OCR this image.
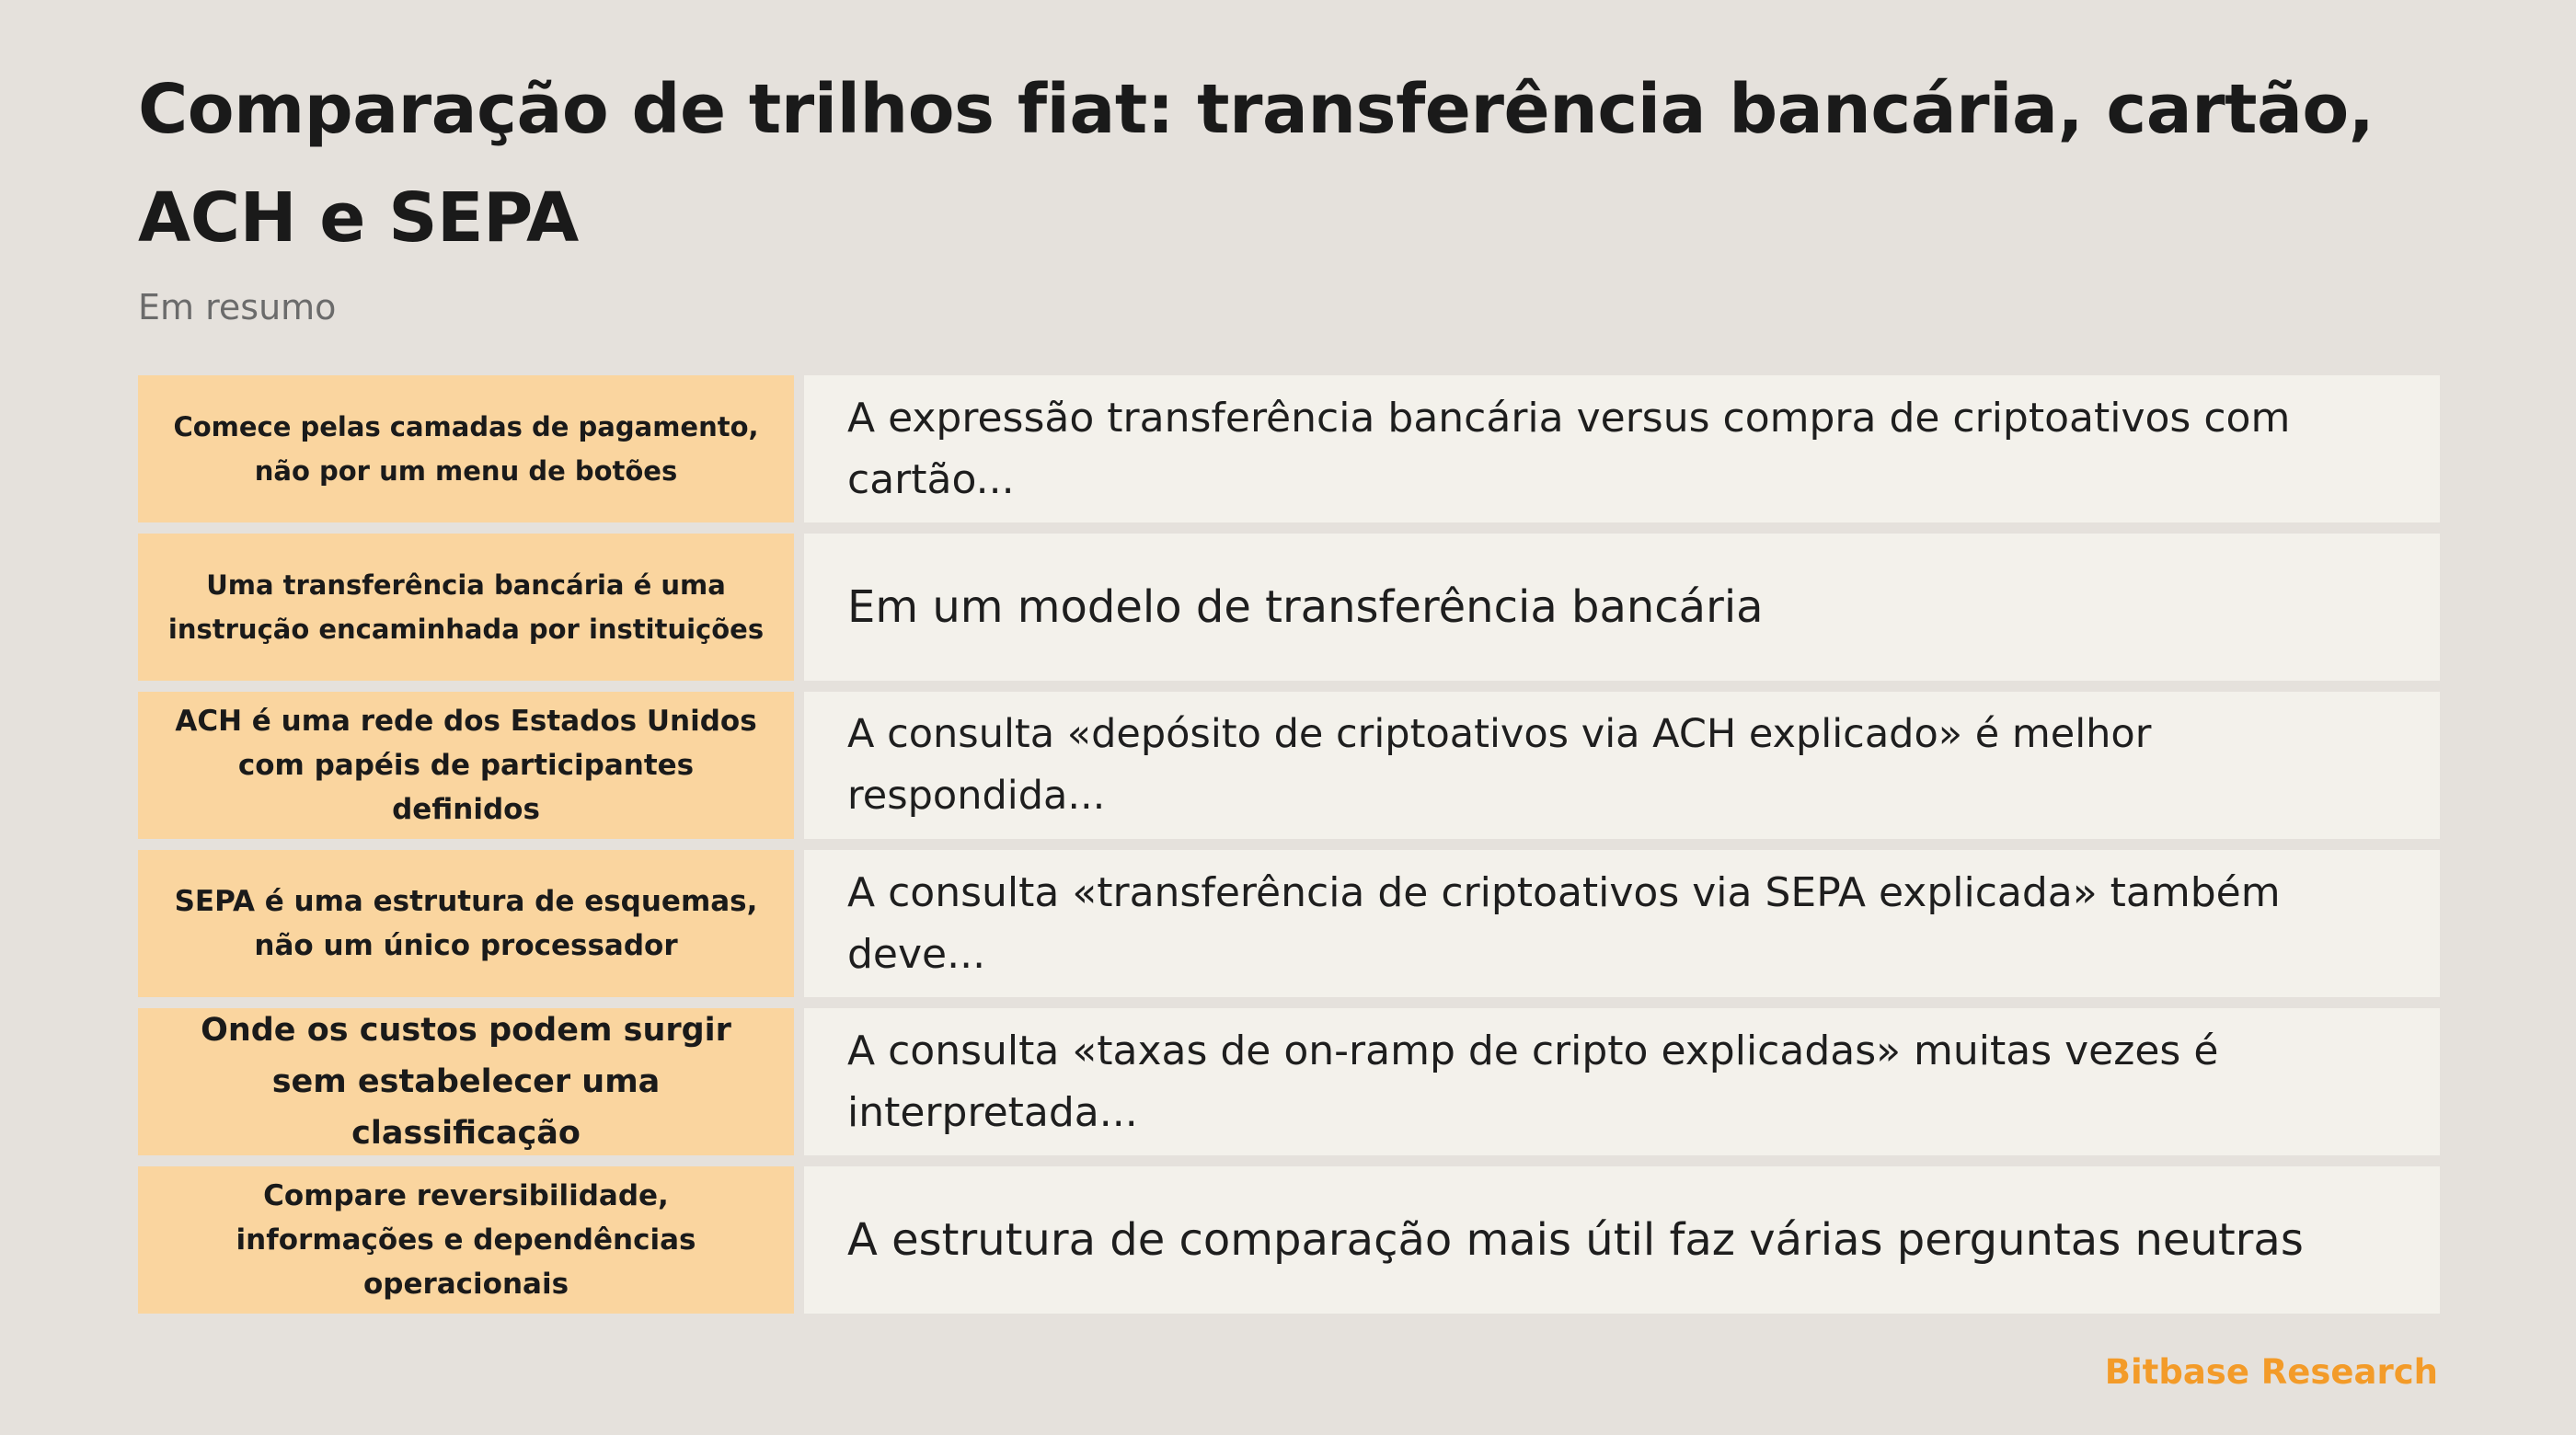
Comparação de trilhos fiat: transferência bancária, cartão, ACH e SEPA
Em resumo
Comece pelas camadas de pagamento, não por um menu de botões
A expressão transferência bancária versus compra de criptoativos com cartão...
Uma transferência bancária é uma instrução encaminhada por instituições	Em um modelo de transferência bancária
ACH é uma rede dos Estados Unidos com papéis de participantes definidos
A consulta «depósito de criptoativos via ACH explicado» é melhor respondida...
SEPA é uma estrutura de esquemas, não um único processador
A consulta «transferência de criptoativos via SEPA explicada» também deve...
Onde os custos podem surgir sem estabelecer uma classificação
A consulta «taxas de on-ramp de cripto explicadas» muitas vezes é interpretada...
Compare reversibilidade, informações e dependências operacionais
A estrutura de comparação mais útil faz várias perguntas neutras
Bitbase Research
